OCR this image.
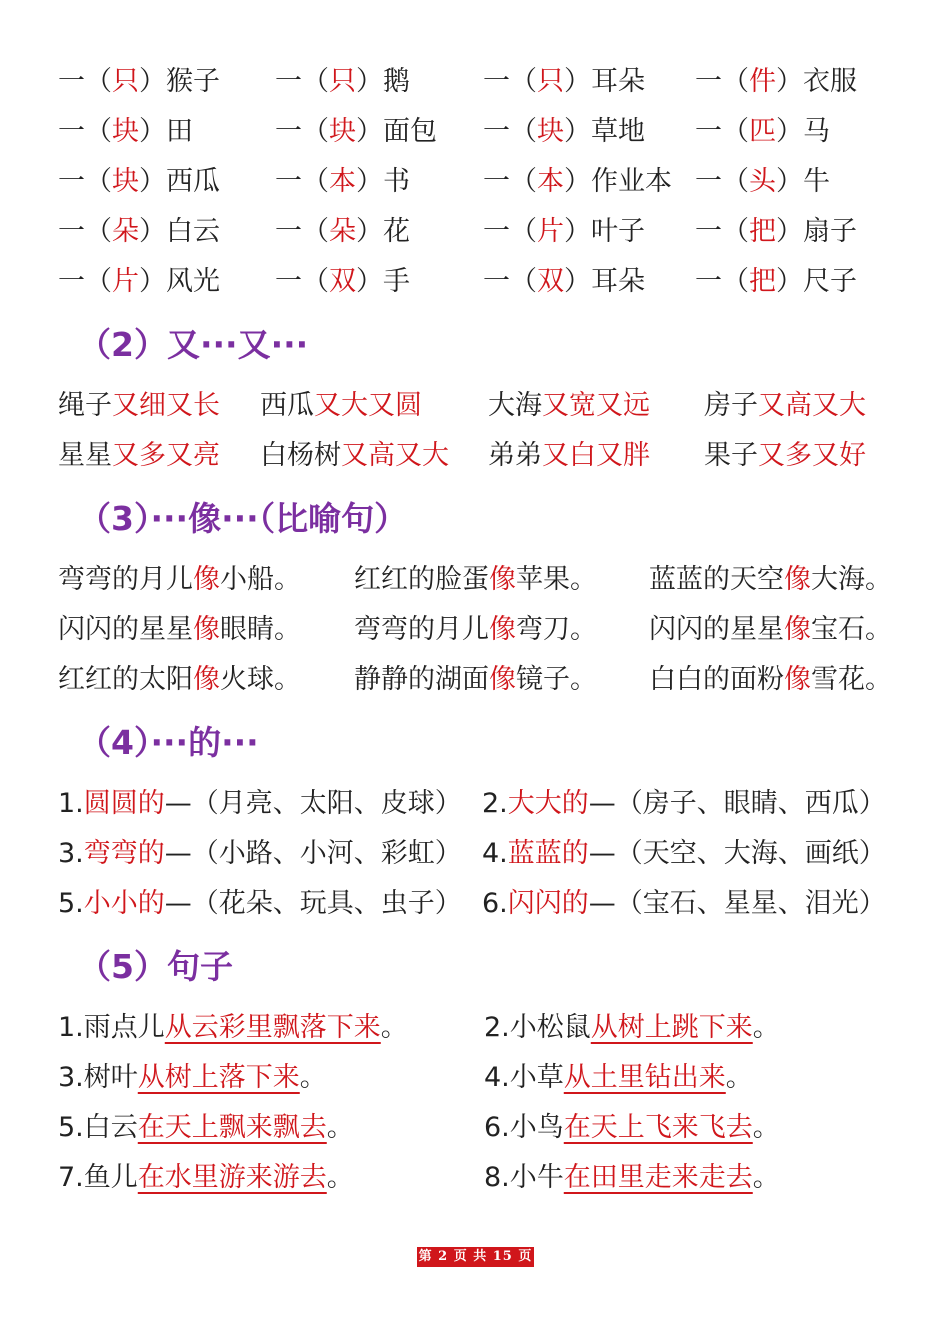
一（只）猴子 一（只）鹅	一（只）耳朵 一（件）衣服
一（块）田	一（块）面包 一（块）草地 一（匹）马
一（块）西瓜 一（本）书	一（本）作业本 一（头）牛
一（朵）白云 一（朵）花	一（片）叶子 一（把）扇子
一（片）风光 一（双）手	一（双）耳朵 一（把）尺子
（2）又···又···
绳子又细又长 西瓜又大又圆 大海又宽又远 房子又高又大
星星又多又亮 白杨树又高又大 弟弟又白又胖 果子又多又好
（3）···像···（比喻句）
弯弯的月儿像小船。 红红的脸蛋像苹果。 蓝蓝的天空像大海。
闪闪的星星像眼睛。 弯弯的月儿像弯刀。 闪闪的星星像宝石。
红红的太阳像火球。 静静的湖面像镜子。 白白的面粉像雪花。
（4）···的···
1.圆圆的—（月亮、太阳、皮球） 2.大大的—（房子、眼睛、西瓜）
3.弯弯的—（小路、小河、彩虹） 4.蓝蓝的—（天空、大海、画纸）
5.小小的—（花朵、玩具、虫子） 6.闪闪的—（宝石、星星、泪光）
（5）句子
1.雨点儿从云彩里飘落下来。	2.小松鼠从树上跳下来。
3.树叶从树上落下来。	4.小草从土里钻出来。
5.白云在天上飘来飘去。	6.小鸟在天上飞来飞去。
7.鱼儿在水里游来游去。	8.小牛在田里走来走去。
第 2 页 共 15 页
